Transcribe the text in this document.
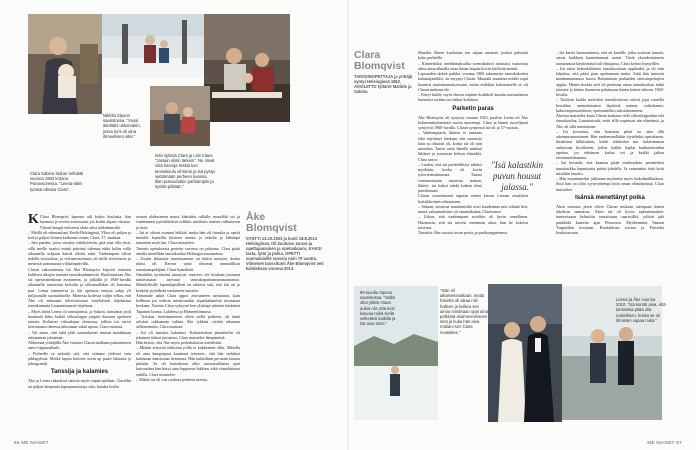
Clara Sabina Sidner mihdetti vuonna 1983 kotona Punavuoressa. "Leena-äitini työssä ollessa Clara".
Mikkilä Sipoon saaristossa. "Vuosi äiteiltäni ukkomakin, jossa lumi oli aina ihmeellisen altis."
Isän sylissä Clara ja Liisi Claes. "Jostain olisin tärkein". Ne olivat niitä harvoja hetkiä kun tanssikoulu oli kiinni ja isä pystyi viettämään perheen kanssa. Illan pukeuduttiin parhaimpiin ja syötiin pitkään."

K Clara Blomqvist lapsena tuli kotiin koulusta, hän huomasi jo ovesta astuessaan, jos kodin ohjaus virrasta. Vierasl kengät eteisessä oltiin siksi selkeämmiltä.

– Meillä oli eduntaulusti Eeelä-Helsingissä, Ylioa oli paljon ja kod ja paljon iloinen kaikenan ovaan, Clara, 57, muistaa.

– Sen paeden, jossa vieraita viihdyttettiin, pitä aina olla siisti, sillä meille saattoi miniä päivänä tulemaa näkä kylän valla aikaanella uslijaan kaivät ohstin aimi. Vanhempani olivat todella sosiaalisia, ja vieraanvaraisuus oli niille tervetuntia ja menestä sanonuusan vilskainpäivillä.

Claran vakoomiensa isä Åke Blomqvist kirjoitti tanssien kahlisen alkujen tanssiin tanssikoulumiestä. Ekulttuuriaan Åke sai opetusmenkoun avonnemn, ja pitkällä jo 1940-luvulla aikaanella tanssisutu kidoilin ja ulkomaillakin oli kasvatus pari. Leena tammiersa ja äiti opetusta tanssia sakja yli miljoonalle suomalaiselle. Monessa kodessa toiljin sellaa, että Åke oli enkmaan televisiossaan esiteltävinä ohjelmana toimikumasta Lauantaitanssit-ohjelmaa.

– Myös äitini Leena oli tanssijantoa, ja Sakara, tanssimat jooli luomuuli lähes kaikki viikonloppu ympäri Suomea opettaen tanssia. Koltuiset viikonloput olemassa, jolloin isä vartoi kerromaan oikeessa aikoinaan sakin upeaa, Clara muistaa.

– Vai aaraa, että isälä jääti suomalaistet tanssin maailmaan ottiuaaman johtaman.

Aldermna yrittäjällä Åke vaatuisi Claran malkaan puhuttimeen saere vappunalkale.

– Perheelle se tarkoitti sitä, että söimme yhdessä vain juhlapyhinä. Meikä lapsia hoitivat usein ap pastit lahaasta ja jokingrandi.

Tanssija ja kalamies

Åke ja Leena rakastivat tanssia myös vapaa-ajallaan. Clarallin on paljon lämpimiä lapsuusmuistoja siitä, kuinka kodin

avaran olohuoneen matot käärittiin rullalle, muutikki soi ja vanhemmat pyörähtelivät rulliitin rmiäkuin tanssin rulhuttavan ja tietä.

– Isä ai oikein osannut leikkiä, mutta hän oli fuuaska ja opetti minulle kaantilla kiisteen asento ja askelia ja lähtänpä tanssinen mitä itse, Clara muistelee.

Tanssin opetuksesta pertisin suvussa on jatkunut. Clara pitää omalla nimellään tanssikoulua Helsingin suuunnassa.

– Uusiin ikkustaia tanssissanaasi on ikäisä muistoe, koska tulasi oli. Kerron vanit nårsenat ammatillisat tanssimaspekijäni, Clara hymähtää.

Omahikin tyrtärensä tanssivat, muttevo ole koskaan joutunut tuntiesäsaan asevaan tanssikoputtunnumastanomaa. Mahdollisille lapsenlapsilleni en tahtoisi sitä, että äiti on ja keskitty pyörähtää suolaiseen tanssiin.

Annanalie aakat Clara uppoi aviruutteen usetaanan, kuin heilbaan joa tedesta mitattomaksi siipaikahanöstä tavasanaa koskaan. Vasinta Clara syksystä hen ylisimpi niinään tietäänen Tapanrai luuma, Lahdessa ja Hämeenlinnassa.

– Työskin, heitetimmeeen oleen siellä perheen, oli tämä selvästi rakkaamin valinta Åke tykkäsi viettää aikaansa sellaisemmin, Clara muistaa.

– Isä oli innokas kalamies. Kalaseitsätun pamahtelin oli jokainen tärkeä juttuensa, Clara muistelee lämpimäsiä.

Hän kertoo, että Åke myös perhakalastus mieleltäisi.

– Mitään erityisiä tehkoitta joilla ei kukkeneen ollut. Mäsella oli aina kampusjaat kuuntaat työnseet., että hän vieläinsi kalastaan innoissaan tietaisena. Hän kalastihim peruram koutaa pitkään. Se oli kuitenkaan ollut tuossasuhkansa ajan kaivaattina hän kävyi aina leppuuset lakkien, eikä viimekäisimi onkilla, Clara muistelee.

– Mikää isä oli tosi ruuhasa perheen tueena.

Åke
Blomqvist
SYNTYI 14.10.1923 ja kuoli 18.8.2013 Helsingissä. Oli kuuluisu tanssi-ja opettajamainen ja opetuskouru. KAKSI lasta, tytär ja poika. OPETTI suomalaisille tanssia noin 70 vuotta. Viimeiset tanssitunti Åke Blomqvist veti kahdeksan vuonna 2013.
66 ME NAISET
Clara
Blomqvist
TANSSINOPETTAJA ja yrittäjä syntyi Helsingissä 1962. AVIOLIITTO tyttäret Matilde ja Sabina.

Musalla Åkeen kuuluisan sen nijaan aitomuti jookoa puhutiin koko perheelle.

– Kiinnerkiksi oneltinmaksullia soemdaattori turuttaisi vaatoiviat aiksa aima alkaalla ottaa ilman hupiaa kovin kävlisiin mentä.

Lapsuuden tärkeä paikka, vuonna 1960 rakennettu tanssikakotien kakastajanikkii, on myynyt Claran. Muutaki maalaisa noikki sopii kaunisti saaristmamaisessaan, mutta mökkiin kokonaiselle se oli Claran mokaan ole.

– Kävyt kuille, myös ehtosa siipänei kotkikoli kaustin nuomalaisen kuentoisi ruohan on oleksii kohdissa.

Parketin paras

Åke Blomqvist oli syntyryt vuonna 1923, puoliso Leena oli Åke kohmennkymmentä vuotta nuorempi. Clara ja hänen isoveljensä syntyivät 1960-luvulla. Claran syntyessä isä oli jo 57-vuotias.

– Vanhempiarin iikäero ei tunnana eikä näyttänyt laiskaan siin suuruisia katu sa olkasati oli, koska isä oli niin nuorekas. Tanssi antoi hänelle nimkuä liikkeet ja joustavan heleon elimäkki, Clara sanoo.

– Luulen, että isä perheshlitayi nikiksi myöhään, koska oli kovin työorientoitinumaa. Tanssa vaatamoissaan nuoressa nainen, ikkitei, isä halusi tehdä kaiken tässä pastilemaan.

Claran vuoteinmenä tapasin ennen kerran Leenan omaliiton kotiaikkoinen sekemiseen.

– Sekaan, suvuissa muutimmiltä ossii kaudemma niin silmää heti, mutta vakaumuksiini oli omanaikaana, Clarasanoo.

– Uskon, että vanhempani aviolitto oli hyvin onnellinen. Huomasin, että isä tarvitsi enemmän aitoa, kun he kokivat toisensa.

Tanssitta Åke tutoissi aivan pertio ja parikymppinensä.

"Isä kalastikin puvun housut jalassa."

– Isä kertoi huomaniiessa, että ne kuntilb, jotka osasivat tanssia, saivat kaikkein kaunetinnmat naiset. Tästä yksinkertaisesta tanssinnuoa käyttömistä tuli elinajassa, Clara kertoo hymyillen.

– Isä meni helsinkiläiseen tanssikouluun oppilaaksi ja oli niin lahjakas, että pääsi pian opettamaan muita. Siitä hän innostui maahamatausuus kuosa Britanniaan parhaiden tanssitopettajien oppiin. Hänen itsekin sieti oli pernittaa omaa tanssikoulua, mikä toteutui jo hänen Suomeen palattuaan hänen kotien tahtoen 1940-luvulla.

– Tuolloin kaikki meiridoit tanssikouluun ottivat jopa suurella kerrallaa, ammattimaton läpitösiä nainen, vaikalannot, kaksoisopetustehtoon, opetusmielitu suksiaksenneen.

Åkessta muistelee kuua Claran mukaan vielä viikonloppuihin että tanssikoulua, Lauantaisaiti, mitti sillä sopiessas nin elämänsä, ja Åke oli sillä tunettuinen.

– Isä kovaosaa, että kasuatan pitää on aina ollä rakennusmuotoinen. Hän vanhemmillakin töytelinkti opetukseen, ilmailinut kilkkoisten, kielet tehtävtäni ma. kalaisimman saiksestaa hyväkseen, jotkut kaikki kuplat kankaatuvatkin opettaa, jos tehtämen kadoa voi ja kaikki jatkaa toiminnaltahuoma.

– Isä kovaatii, että kaantaa pitää vaatimuksin perinteiden tanssitarkka lopunjoista pitäisi johdella. Ja vanmaaksi töttä kotit niistäkin lauotto.

– Hän muutimmiksi julkiaana mytkeäsä myös laskolmallituksen. Siitä hän on ollut tyytyväisempi kuin oman elämätyönsä, Clara muistelee.

Isänsä menettänyt poika

Åken nuoruus jäsen oliver Claran mukaan aiempaan hänen tukeksin saamassa. Åken isä oli hyvin epämaimainen-tansseissaan kelasitiin tanssissaan saarrisilliä, jolloin jaki pänkköki kaaretta ajan Pietarissa. Myöhemmin Vanaan Tsapaitilan koottaan. Ruckakkien toisien ja Puistoila koulutusvaan.

90-luvulla Sipoon saaristossa. "Isällä ollut ylöksi maan aukot niin että tiesi kasvaa mikä siellä selkeäksi kaikilla ja isä aina toimi."
"Isän oli aikaisemmaltaan, mutta häneltä oli aikaa niin halleen ja kulkea sen ainoa minähaan oppi aina pelkkinä asamenemiseen sinä ja kuka hän aina rooliani sen Clara muistelee."
Leena ja Åke vuonna 2010. "Isä korotti aina, että tanssissa pitää olla naisellinen, koska se oli ihmisten vapaa mikä."
ME NAISET 67
